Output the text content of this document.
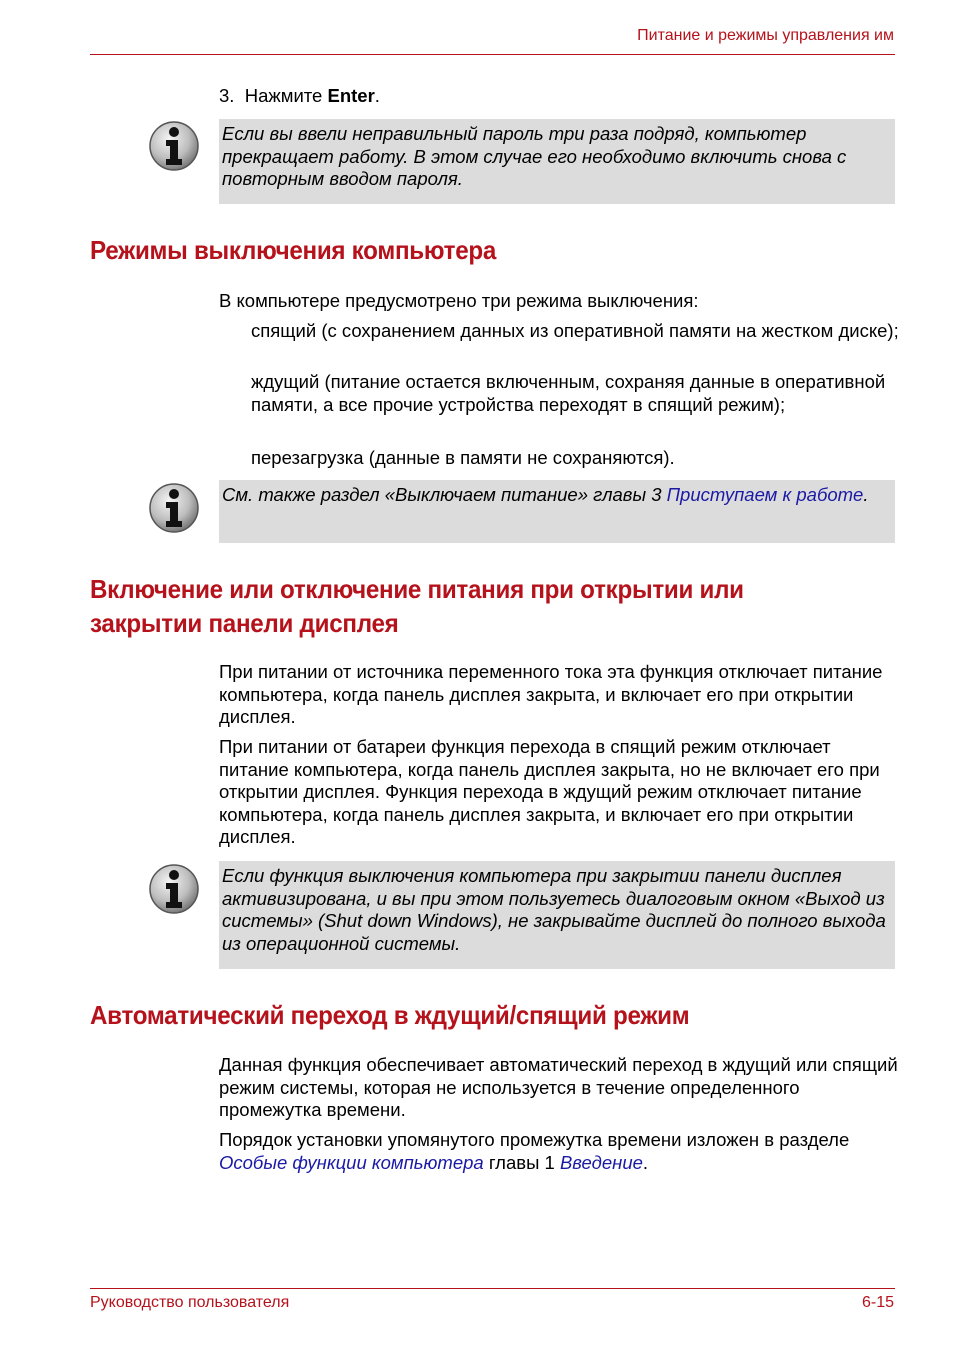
Питание и режимы управления им
3. Нажмите Enter.
Если вы ввели неправильный пароль три раза подряд, компьютер прекращает работу. В этом случае его необходимо включить снова с повторным вводом пароля.
Режимы выключения компьютера
В компьютере предусмотрено три режима выключения:
спящий (с сохранением данных из оперативной памяти на жестком диске);
ждущий (питание остается включенным, сохраняя данные в оперативной памяти, а все прочие устройства переходят в спящий режим);
перезагрузка (данные в памяти не сохраняются).
См. также раздел «Выключаем питание» главы 3 Приступаем к работе.
Включение или отключение питания при открытии или закрытии панели дисплея
При питании от источника переменного тока эта функция отключает питание компьютера, когда панель дисплея закрыта, и включает его при открытии дисплея.
При питании от батареи функция перехода в спящий режим отключает питание компьютера, когда панель дисплея закрыта, но не включает его при открытии дисплея. Функция перехода в ждущий режим отключает питание компьютера, когда панель дисплея закрыта, и включает его при открытии дисплея.
Если функция выключения компьютера при закрытии панели дисплея активизирована, и вы при этом пользуетесь диалоговым окном «Выход из системы» (Shut down Windows), не закрывайте дисплей до полного выхода из операционной системы.
Автоматический переход в ждущий/спящий режим
Данная функция обеспечивает автоматический переход в ждущий или спящий режим системы, которая не используется в течение определенного промежутка времени.
Порядок установки упомянутого промежутка времени изложен в разделе Особые функции компьютера главы 1 Введение.
Руководство пользователя	6-15
